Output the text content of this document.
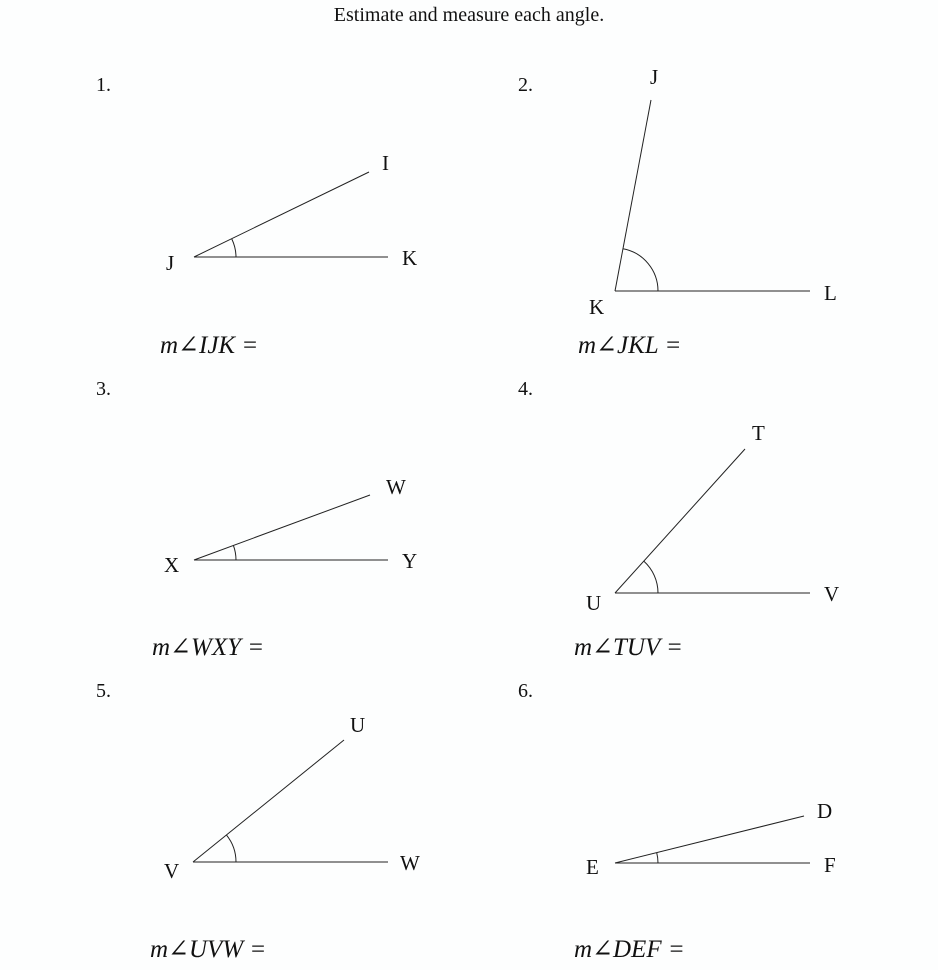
Estimate and measure each angle.
1.
J
I
K
m∠IJK =
2.
K
J
L
m∠JKL =
3.
X
W
Y
m∠WXY =
4.
U
T
V
m∠TUV =
5.
V
U
W
m∠UVW =
6.
E
D
F
m∠DEF =
